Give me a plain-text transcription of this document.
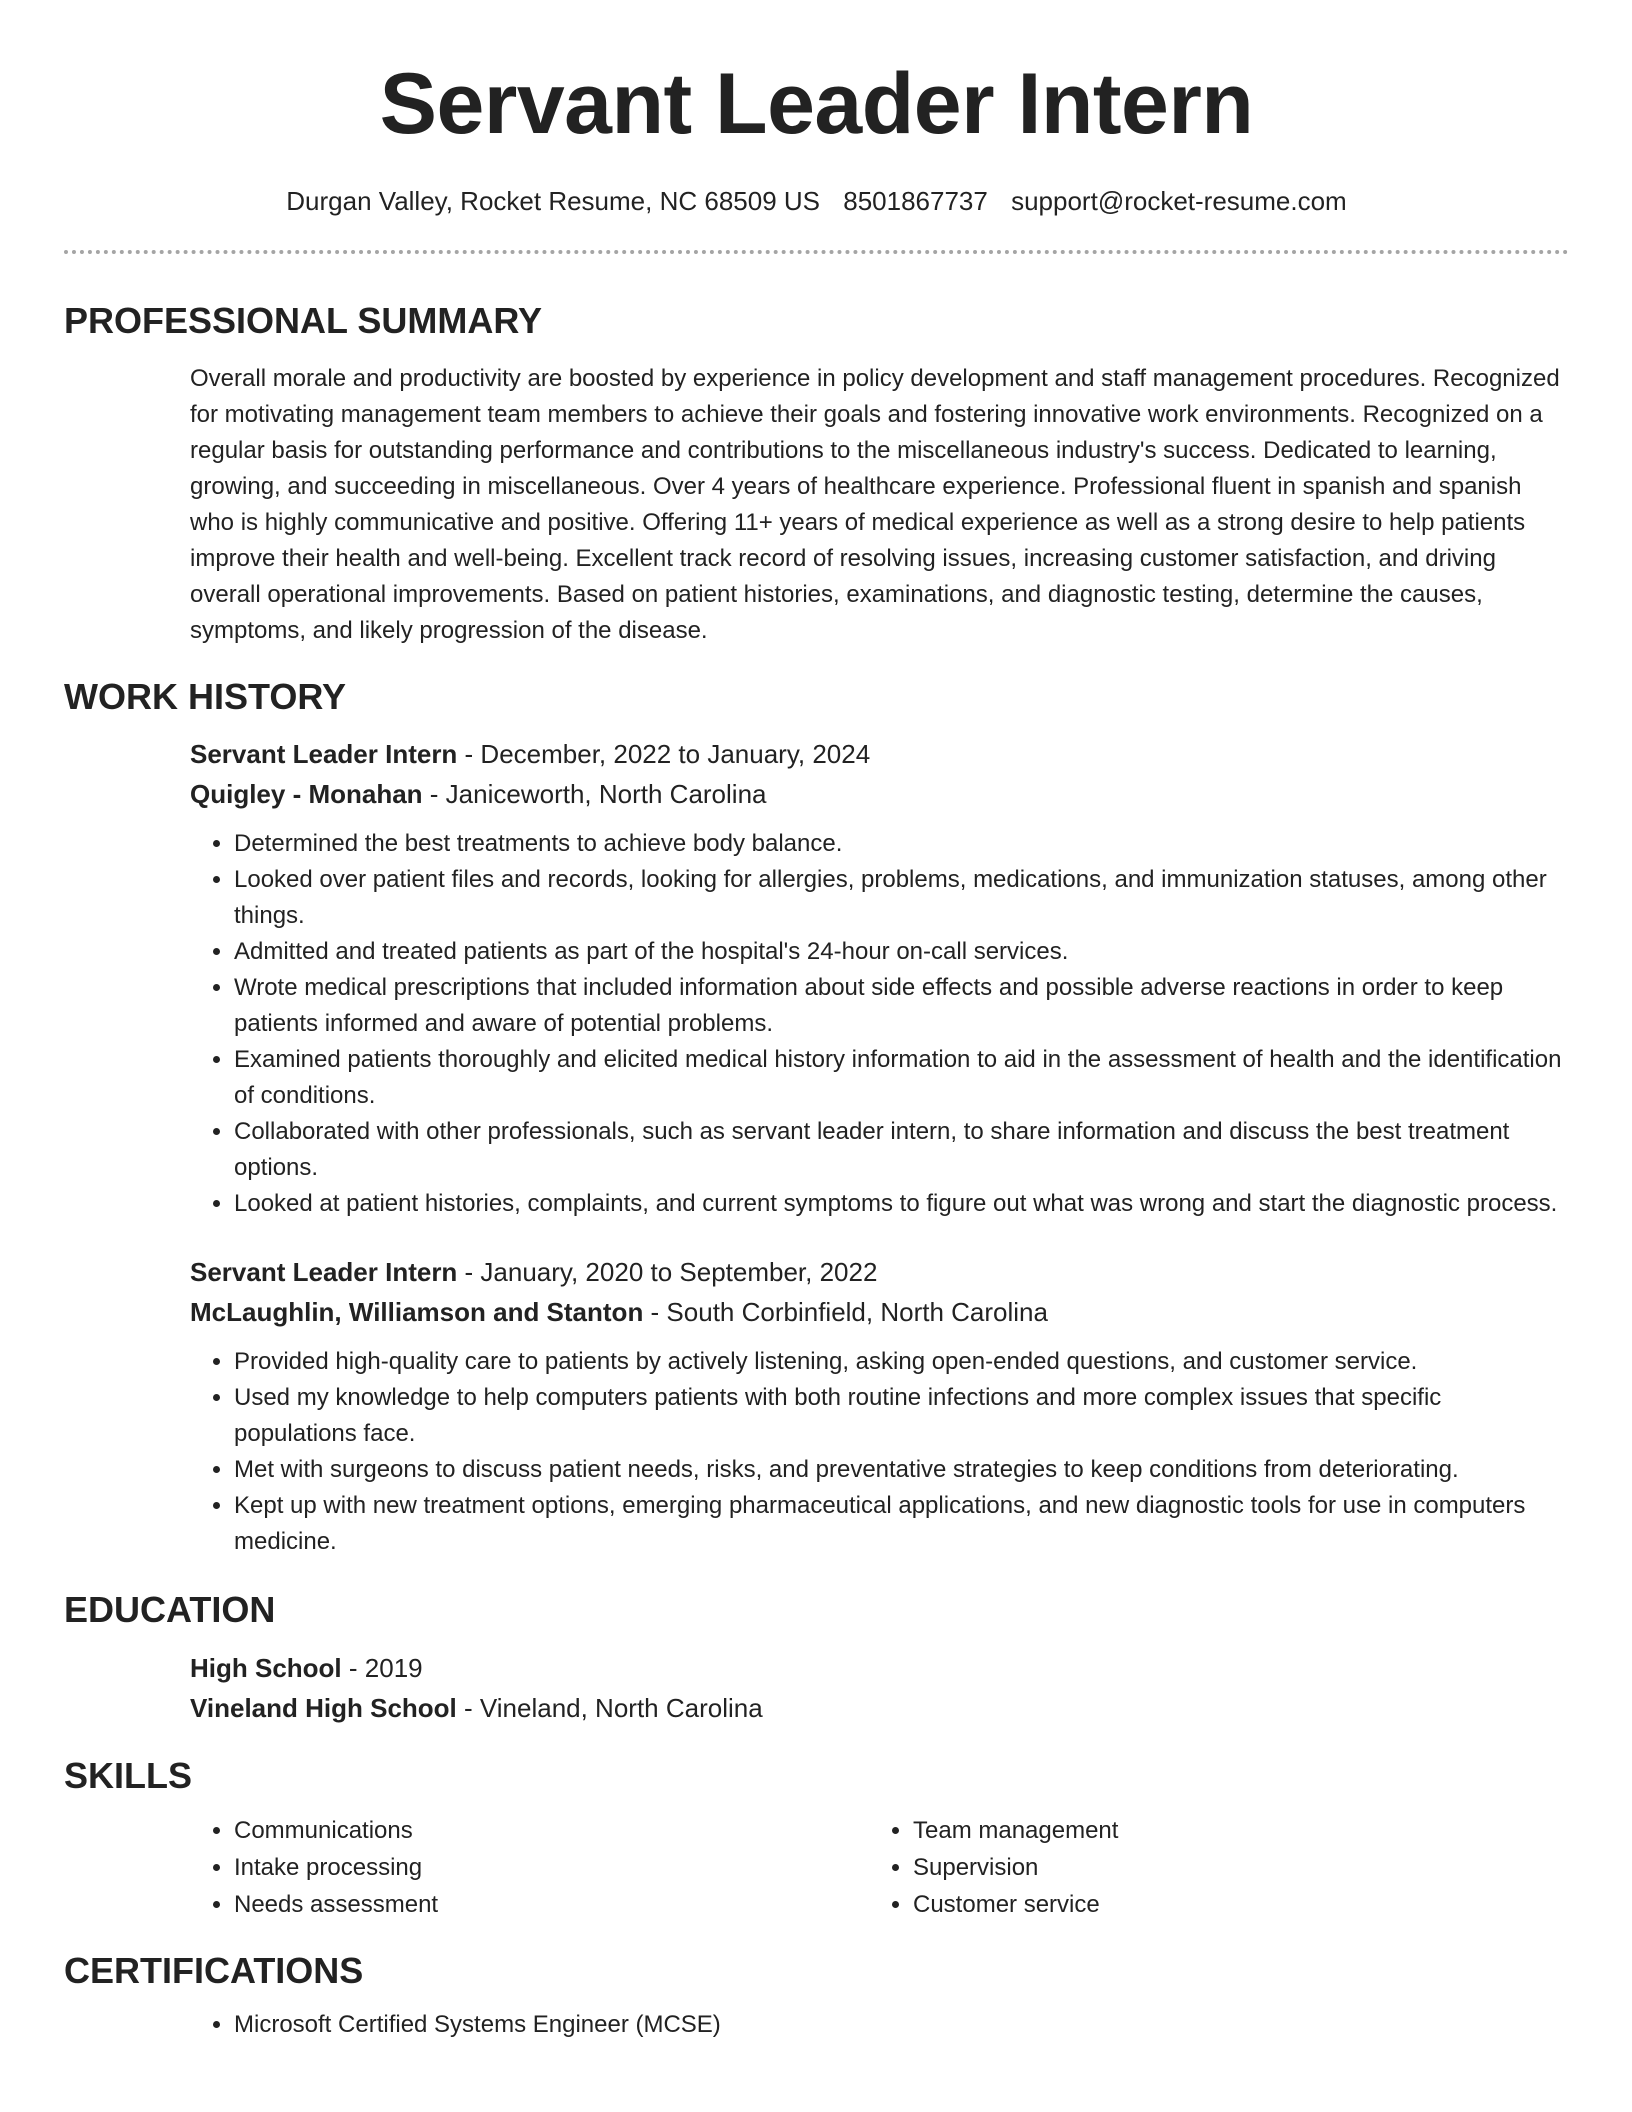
Servant Leader Intern
Durgan Valley, Rocket Resume, NC 68509 US 8501867737 support@rocket-resume.com
PROFESSIONAL SUMMARY

Overall morale and productivity are boosted by experience in policy development and staff management procedures. Recognized for motivating management team members to achieve their goals and fostering innovative work environments. Recognized on a regular basis for outstanding performance and contributions to the miscellaneous industry's success. Dedicated to learning, growing, and succeeding in miscellaneous. Over 4 years of healthcare experience. Professional fluent in spanish and spanish who is highly communicative and positive. Offering 11+ years of medical experience as well as a strong desire to help patients improve their health and well-being. Excellent track record of resolving issues, increasing customer satisfaction, and driving overall operational improvements. Based on patient histories, examinations, and diagnostic testing, determine the causes, symptoms, and likely progression of the disease.

WORK HISTORY

Servant Leader Intern - December, 2022 to January, 2024

Quigley - Monahan - Janiceworth, North Carolina

• Determined the best treatments to achieve body balance.
• Looked over patient files and records, looking for allergies, problems, medications, and immunization statuses, among other things.
• Admitted and treated patients as part of the hospital's 24-hour on-call services.
• Wrote medical prescriptions that included information about side effects and possible adverse reactions in order to keep patients informed and aware of potential problems.
• Examined patients thoroughly and elicited medical history information to aid in the assessment of health and the identification of conditions.
• Collaborated with other professionals, such as servant leader intern, to share information and discuss the best treatment options.
• Looked at patient histories, complaints, and current symptoms to figure out what was wrong and start the diagnostic process.

Servant Leader Intern - January, 2020 to September, 2022

McLaughlin, Williamson and Stanton - South Corbinfield, North Carolina

• Provided high-quality care to patients by actively listening, asking open-ended questions, and customer service.
• Used my knowledge to help computers patients with both routine infections and more complex issues that specific populations face.
• Met with surgeons to discuss patient needs, risks, and preventative strategies to keep conditions from deteriorating.
• Kept up with new treatment options, emerging pharmaceutical applications, and new diagnostic tools for use in computers medicine.
EDUCATION

High School - 2019

Vineland High School - Vineland, North Carolina

SKILLS
• Communications
• Intake processing
• Needs assessment
• Team management
• Supervision
• Customer service
CERTIFICATIONS
• Microsoft Certified Systems Engineer (MCSE)
